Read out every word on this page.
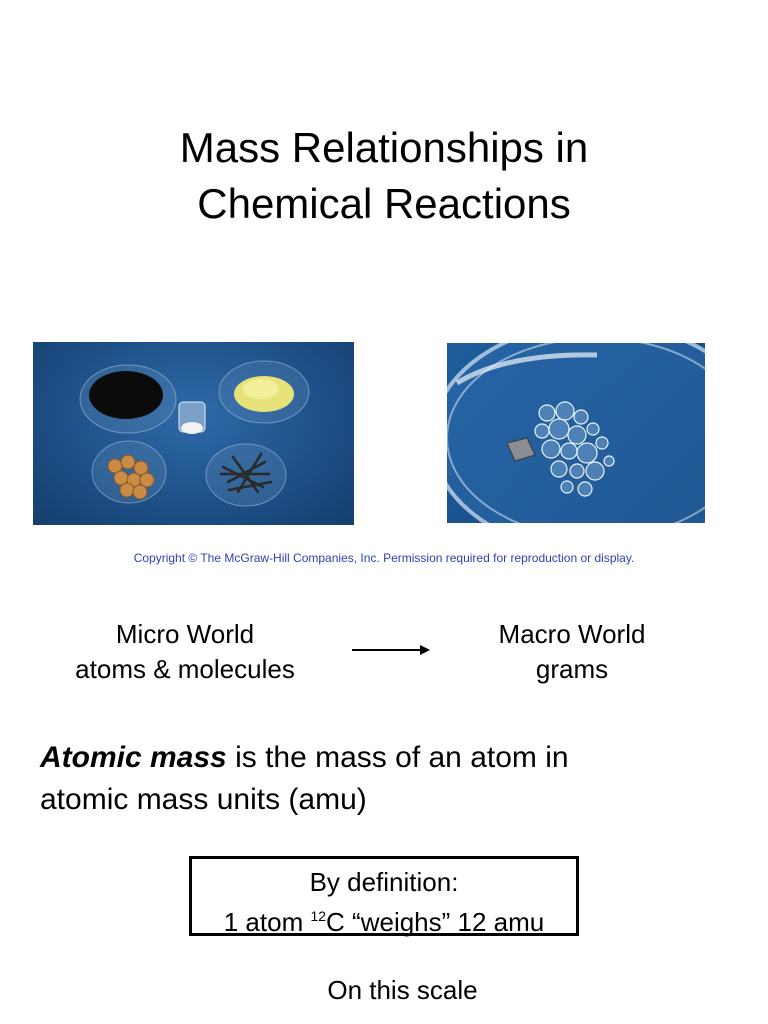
Mass Relationships in
Chemical Reactions
Copyright © The McGraw-Hill Companies, Inc. Permission required for reproduction or display.
Micro World
atoms & molecules
Macro World
grams
Atomic mass is the mass of an atom in
atomic mass units (amu)
By definition:
1 atom $^{12}$C “weighs” 12 amu
On this scale
